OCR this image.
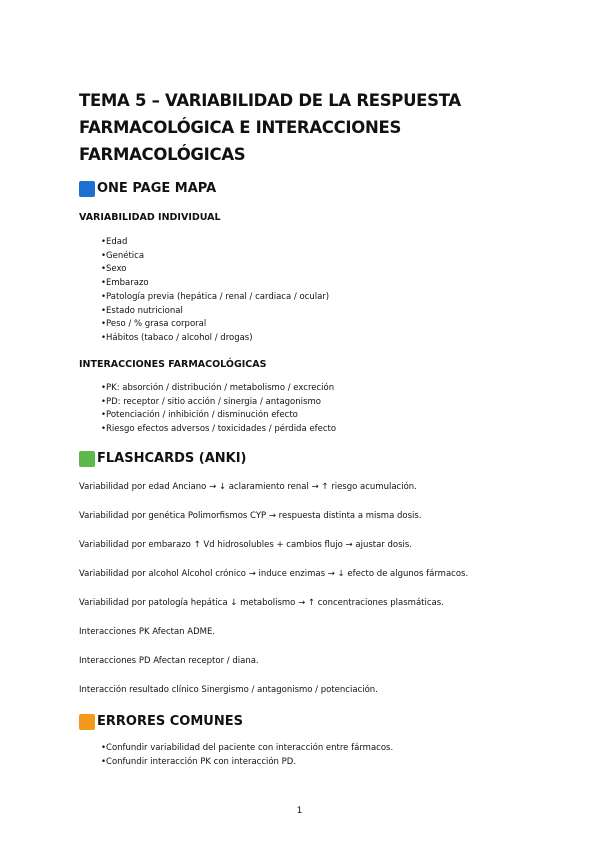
TEMA 5 – VARIABILIDAD DE LA RESPUESTA FARMACOLÓGICA E INTERACCIONES FARMACOLÓGICAS
ONE PAGE MAPA
VARIABILIDAD INDIVIDUAL
• Edad
• Genética
• Sexo
• Embarazo
• Patología previa (hepática / renal / cardiaca / ocular)
• Estado nutricional
• Peso / % grasa corporal
• Hábitos (tabaco / alcohol / drogas)
INTERACCIONES FARMACOLÓGICAS
• PK: absorción / distribución / metabolismo / excreción
• PD: receptor / sitio acción / sinergia / antagonismo
• Potenciación / inhibición / disminución efecto
• Riesgo efectos adversos / toxicidades / pérdida efecto
FLASHCARDS (ANKI)

Variabilidad por edad Anciano → ↓ aclaramiento renal → ↑ riesgo acumulación.

Variabilidad por genética Polimorfismos CYP → respuesta distinta a misma dosis.

Variabilidad por embarazo ↑ Vd hidrosolubles + cambios flujo → ajustar dosis.

Variabilidad por alcohol Alcohol crónico → induce enzimas → ↓ efecto de algunos fármacos.

Variabilidad por patología hepática ↓ metabolismo → ↑ concentraciones plasmáticas.

Interacciones PK Afectan ADME.

Interacciones PD Afectan receptor / diana.

Interacción resultado clínico Sinergismo / antagonismo / potenciación.

ERRORES COMUNES
• Confundir variabilidad del paciente con interacción entre fármacos.
• Confundir interacción PK con interacción PD.
1
